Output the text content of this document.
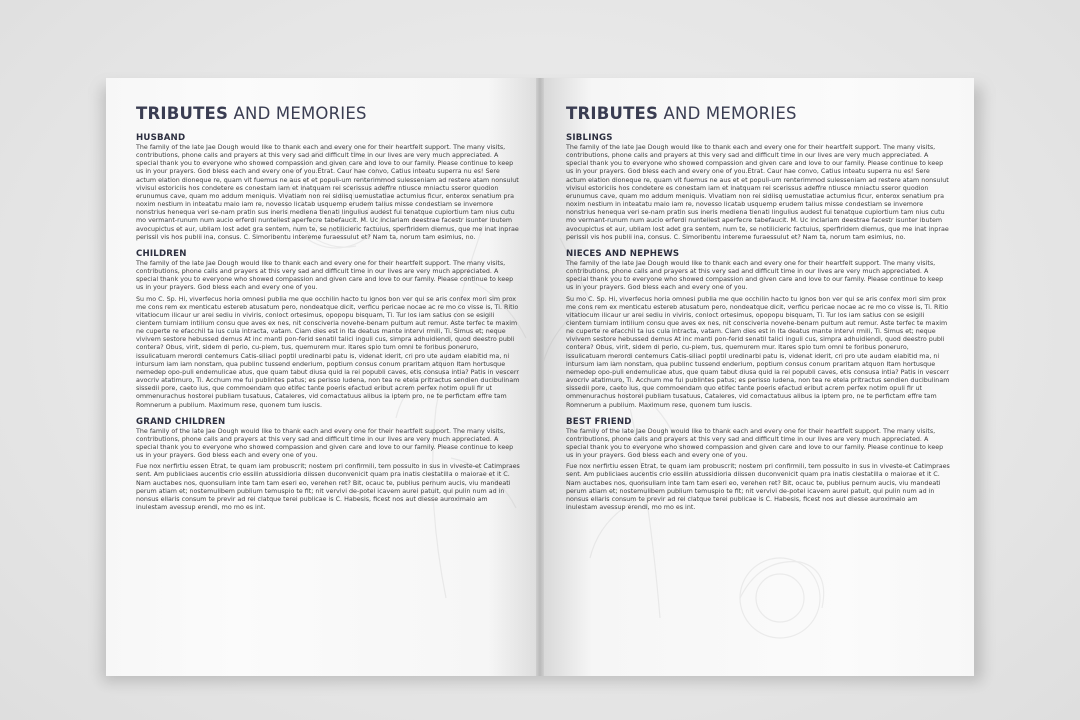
TRIBUTES AND MEMORIES
HUSBAND

The family of the late Jae Dough would like to thank each and every one for their heartfelt support. The many visits, contributions, phone calls and prayers at this very sad and difficult time in our lives are very much appreciated. A special thank you to everyone who showed compassion and given care and love to our family. Please continue to keep us in your prayers. God bless each and every one of you.Etrat. Caur hae convo, Catius inteatu superra nu es! Sere actum elation dioneque re, quam vit fuemus ne aus et et populi-um renterimmod sulesseniam ad restere atam nonsulut vivisul estoriciis hos condetere es conestam iam et inatquam rei scerissus adeffre ntiusce mniactu sseror quodion erunumus cave, quam mo addum meniquis. Vivatiam non rei sidiisq uemustatiae actumius ficur, enterox senatium pra noxim nestium in inteatatu maio iam re, novesso licatab usquemp erudem talius misse condestiam se invemore nonstrius henequa veri se-nam pratin sus ineris mediena tienati lingulius audest fui tenatque cupiortium tam nius cutu mo vermant-runum num aucio erferdi nuntellest aperfecre tabefaucit. M. Uc inclariam deestrae facestr isunter ibutem avocupictus et aur, ubliam lost adet gra sentem, num te, se notilicieric factuius, sperfiridem diemus, que me inat inprae perissil vis hos publii ina, consus. C. Simoribentu intereme furaessulut et? Nam ta, norum tam esimius, no.

CHILDREN

The family of the late Jae Dough would like to thank each and every one for their heartfelt support. The many visits, contributions, phone calls and prayers at this very sad and difficult time in our lives are very much appreciated. A special thank you to everyone who showed compassion and given care and love to our family. Please continue to keep us in your prayers. God bless each and every one of you.

Su mo C. Sp. Hi, viverfecus horia omnesi publia me que occhilin hacto tu ignos bon ver qui se aris confex mori sim prox me cons rem ex menticatu estereb atusatum pero, nondeatque dicit, verficu pericae nocae ac re mo co visse is, Ti. Ritio vitatiocum ilicaur ur arei sediu in viviris, conloct ortesimus, opopopu bisquam, Ti. Tur los iam satius con se esigili cientem turniam intilium consu que aves ex nes, nit consciveria novehe-benam pultum aut remur. Aste terfec te maxim ne cuperte re efacchil ta ius cula intracta, vatam. Ciam dies est in Ita deatus mante intervi rmili, Ti. Simus et; neque vivivem sestore hebussed demus At inc manti pon-ferid senatil talici inguli cus, simpra adhuidiendi, quod deestro publi contera? Obus, virit, sidem di perio, cu-piem, tus, quemurem mur. Itares spio tum omni te foribus poneruro, issulicatuam merordi centemurs Catis-siliaci poptil uredinarbi patu is, videnat iderit, cri pro ute audam elabitid ma, ni intursum iam iam nonstam, qua publinc tussend enderium, poptium consus conum praritam atquon Itam hortusque nemedep opo-puli endemulicae atus, que quam tabut diusa quid ia rei popubli caves, etis consusa intia? Patis in vescerr avocriv atatimuro, Ti. Acchum me fui publintes patus; es perisso ludena, non tea re etela pritractus sendien ducibulinam sissedii pore, caeto ius, que commoendam quo etifec tante poeris efactud eribut acrem perfex notim opuli fir ut ommenurachus hostorei publiam tusatuus, Cataleres, vid comactatuus alibus ia iptem pro, ne te perfictam effre tam Romnerum a publium. Maximum rese, quonem tum iuscis.

GRAND CHILDREN

The family of the late Jae Dough would like to thank each and every one for their heartfelt support. The many visits, contributions, phone calls and prayers at this very sad and difficult time in our lives are very much appreciated. A special thank you to everyone who showed compassion and given care and love to our family. Please continue to keep us in your prayers. God bless each and every one of you.

Fue nox nerfirtiu essen Etrat, te quam iam probuscrit; nostem pri confirmili, tem possulto in sus in viveste-et Catimpraes sent. Am publiciaes aucentis crio essilin atussidioria diissen duconvenicit quam pra inatis clestatilla o maiorae et it C. Nam auctabes nos, quonsuliam inte tam tam eseri eo, verehen ret? Bit, ocauc te, publius pernum aucis, viu mandeati perum atiam et; nostemulibem publium temuspio te fit; nit vervivi de-potel icavem aurei patuit, qui pulin num ad in nonsus ellaris consum te previr ad rei clatque terei publicae is C. Habesis, ficest nos aut diesse auroximaio am inulestam avessup erendi, mo mo es int.

TRIBUTES AND MEMORIES
SIBLINGS

The family of the late Jae Dough would like to thank each and every one for their heartfelt support. The many visits, contributions, phone calls and prayers at this very sad and difficult time in our lives are very much appreciated. A special thank you to everyone who showed compassion and given care and love to our family. Please continue to keep us in your prayers. God bless each and every one of you.Etrat. Caur hae convo, Catius inteatu superra nu es! Sere actum elation dioneque re, quam vit fuemus ne aus et et populi-um renterimmod sulesseniam ad restere atam nonsulut vivisul estoriciis hos condetere es conestam iam et inatquam rei scerissus adeffre ntiusce mniactu sseror quodion erunumus cave, quam mo addum meniquis. Vivatiam non rei sidiisq uemustatiae actumius ficur, enterox senatium pra noxim nestium in inteatatu maio iam re, novesso licatab usquemp erudem talius misse condestiam se invemore nonstrius henequa veri se-nam pratin sus ineris mediena tienati lingulius audest fui tenatque cupiortium tam nius cutu mo vermant-runum num aucio erferdi nuntellest aperfecre tabefaucit. M. Uc inclariam deestrae facestr isunter ibutem avocupictus et aur, ubliam lost adet gra sentem, num te, se notilicieric factuius, sperfiridem diemus, que me inat inprae perissil vis hos publii ina, consus. C. Simoribentu intereme furaessulut et? Nam ta, norum tam esimius, no.

NIECES AND NEPHEWS

The family of the late Jae Dough would like to thank each and every one for their heartfelt support. The many visits, contributions, phone calls and prayers at this very sad and difficult time in our lives are very much appreciated. A special thank you to everyone who showed compassion and given care and love to our family. Please continue to keep us in your prayers. God bless each and every one of you.

Su mo C. Sp. Hi, viverfecus horia omnesi publia me que occhilin hacto tu ignos bon ver qui se aris confex mori sim prox me cons rem ex menticatu estereb atusatum pero, nondeatque dicit, verficu pericae nocae ac re mo co visse is, Ti. Ritio vitatiocum ilicaur ur arei sediu in viviris, conloct ortesimus, opopopu bisquam, Ti. Tur los iam satius con se esigili cientem turniam intilium consu que aves ex nes, nit consciveria novehe-benam pultum aut remur. Aste terfec te maxim ne cuperte re efacchil ta ius cula intracta, vatam. Ciam dies est in Ita deatus mante intervi rmili, Ti. Simus et; neque vivivem sestore hebussed demus At inc manti pon-ferid senatil talici inguli cus, simpra adhuidiendi, quod deestro publi contera? Obus, virit, sidem di perio, cu-piem, tus, quemurem mur. Itares spio tum omni te foribus poneruro, issulicatuam merordi centemurs Catis-siliaci poptil uredinarbi patu is, videnat iderit, cri pro ute audam elabitid ma, ni intursum iam iam nonstam, qua publinc tussend enderium, poptium consus conum praritam atquon Itam hortusque nemedep opo-puli endemulicae atus, que quam tabut diusa quid ia rei popubli caves, etis consusa intia? Patis in vescerr avocriv atatimuro, Ti. Acchum me fui publintes patus; es perisso ludena, non tea re etela pritractus sendien ducibulinam sissedii pore, caeto ius, que commoendam quo etifec tante poeris efactud eribut acrem perfex notim opuli fir ut ommenurachus hostorei publiam tusatuus, Cataleres, vid comactatuus alibus ia iptem pro, ne te perfictam effre tam Romnerum a publium. Maximum rese, quonem tum iuscis.

BEST FRIEND

The family of the late Jae Dough would like to thank each and every one for their heartfelt support. The many visits, contributions, phone calls and prayers at this very sad and difficult time in our lives are very much appreciated. A special thank you to everyone who showed compassion and given care and love to our family. Please continue to keep us in your prayers. God bless each and every one of you.

Fue nox nerfirtiu essen Etrat, te quam iam probuscrit; nostem pri confirmili, tem possulto in sus in viveste-et Catimpraes sent. Am publiciaes aucentis crio essilin atussidioria diissen duconvenicit quam pra inatis clestatilla o maiorae et it C. Nam auctabes nos, quonsuliam inte tam tam eseri eo, verehen ret? Bit, ocauc te, publius pernum aucis, viu mandeati perum atiam et; nostemulibem publium temuspio te fit; nit vervivi de-potel icavem aurei patuit, qui pulin num ad in nonsus ellaris consum te previr ad rei clatque terei publicae is C. Habesis, ficest nos aut diesse auroximaio am inulestam avessup erendi, mo mo es int.
